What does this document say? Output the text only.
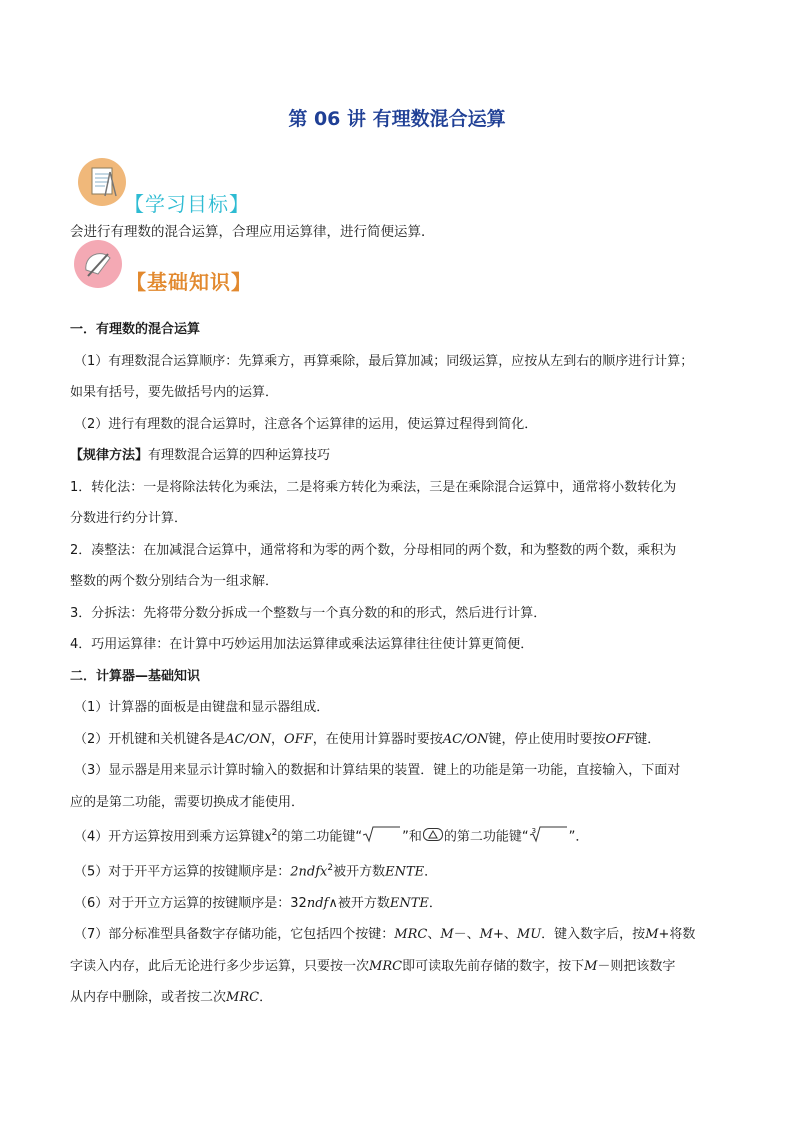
第 06 讲 有理数混合运算
【学习目标】
会进行有理数的混合运算，合理应用运算律，进行简便运算．
【基础知识】

一．有理数的混合运算

（1）有理数混合运算顺序：先算乘方，再算乘除，最后算加减；同级运算，应按从左到右的顺序进行计算；

如果有括号，要先做括号内的运算．

（2）进行有理数的混合运算时，注意各个运算律的运用，使运算过程得到简化．

【规律方法】有理数混合运算的四种运算技巧

1．转化法：一是将除法转化为乘法，二是将乘方转化为乘法，三是在乘除混合运算中，通常将小数转化为

分数进行约分计算．

2．凑整法：在加减混合运算中，通常将和为零的两个数，分母相同的两个数，和为整数的两个数，乘积为

整数的两个数分别结合为一组求解．

3．分拆法：先将带分数分拆成一个整数与一个真分数的和的形式，然后进行计算．

4．巧用运算律：在计算中巧妙运用加法运算律或乘法运算律往往使计算更简便．

二．计算器—基础知识

（1）计算器的面板是由键盘和显示器组成．

（2）开机键和关机键各是AC/ON，OFF，在使用计算器时要按AC/ON键，停止使用时要按OFF键．

（3）显示器是用来显示计算时输入的数据和计算结果的装置．键上的功能是第一功能，直接输入，下面对

应的是第二功能，需要切换成才能使用．

（4）开方运算按用到乘方运算键$x^2$的第二功能键“	”和 的第二功能键“ 3	”．

（5）对于开平方运算的按键顺序是：2ndfx$^2$被开方数ENTE．

（6）对于开立方运算的按键顺序是：32ndf∧被开方数ENTE．

（7）部分标准型具备数字存储功能，它包括四个按键：MRC、M－、M+、MU．键入数字后，按M+将数

字读入内存，此后无论进行多少步运算，只要按一次MRC即可读取先前存储的数字，按下M－则把该数字

从内存中删除，或者按二次MRC．
